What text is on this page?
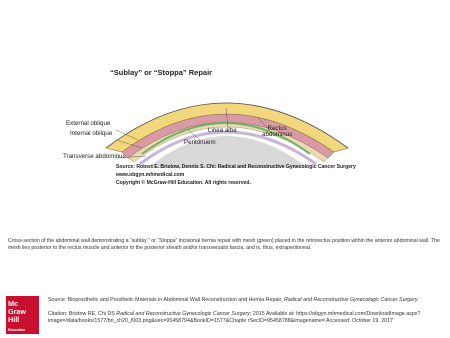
“Sublay” or “Stoppa” Repair
External oblique
Internal oblique
Transverse abdominus
Linea alba
Peritonuem
Rectus
abdominus
Source: Robert E. Bristow, Dennis S. Chi: Radical and Reconstructive Gynecologic Cancer Surgery
www.obgyn.mhmedical.com
Copyright © McGraw-Hill Education. All rights reserved.
Cross-section of the abdominal wall demonstrating a “sublay ” or “Stoppa” incisional hernia repair with mesh (green) placed in the retrorectus position within the anterior abdominal wall. The mesh lies posterior to the rectus muscle and anterior to the posterior sheath and/or transversalis fascia, and is, thus, extraperitoneal.
Mc
Graw
Hill
Education
Source: Bioprosthetic and Prosthetic Materials in Abdominal Wall Reconstruction and Hernia Repair, Radical and Reconstructive Gynecologic Cancer Surgery
Citation: Bristow RE, Chi DS Radical and Reconstructive Gynecologic Cancer Surgery; 2015 Available at: https://obgyn.mhmedical.com/DownloadImage.aspx?image=/data/books/1577/bri_ch20_f003.png&sec=95458794&BookID=1577&Chapte rSecID=95458788&imagename= Accessed: October 19, 2017
